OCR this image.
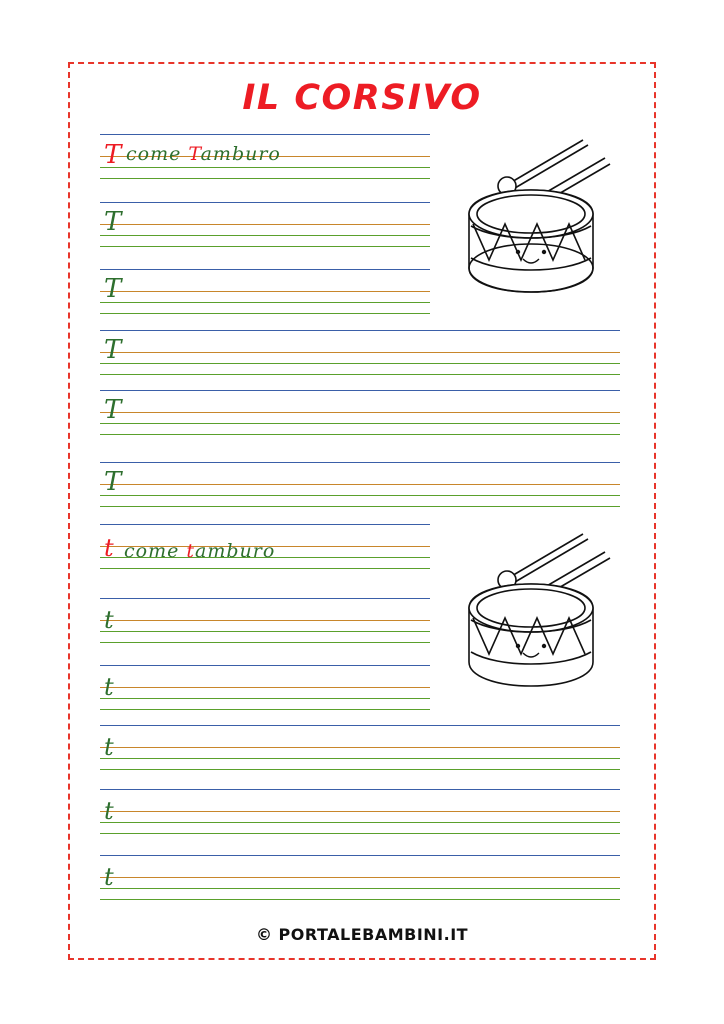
IL CORSIVO
T come Tamburo
T
T
T
T
T
t come tamburo
t
t
t
t
t
© PORTALEBAMBINI.IT
